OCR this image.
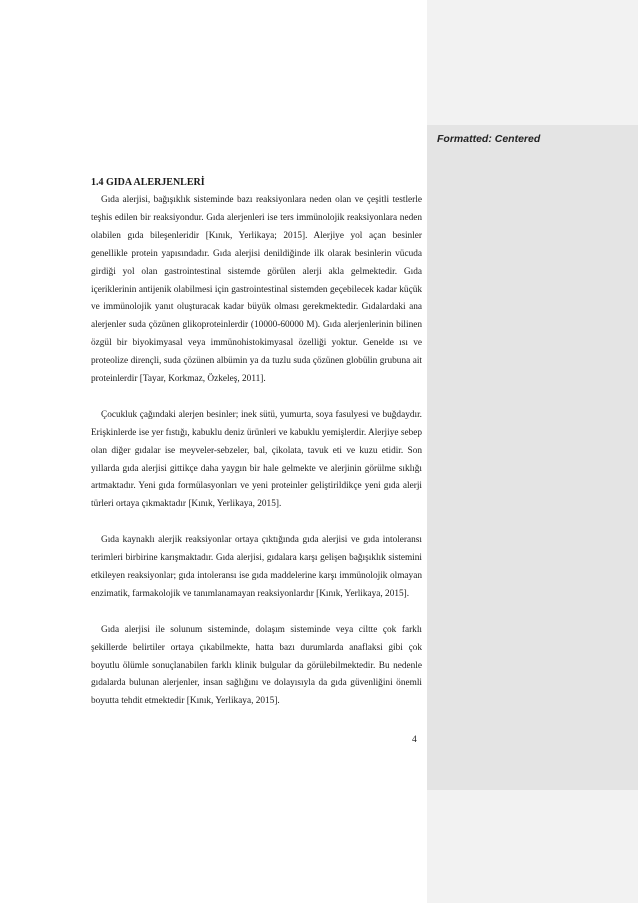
1.4 GIDA ALERJENLERİ

Gıda alerjisi, bağışıklık sisteminde bazı reaksiyonlara neden olan ve çeşitli testlerle teşhis edilen bir reaksiyondur. Gıda alerjenleri ise ters immünolojik reaksiyonlara neden olabilen gıda bileşenleridir [Kınık, Yerlikaya; 2015]. Alerjiye yol açan besinler genellikle protein yapısındadır. Gıda alerjisi denildiğinde ilk olarak besinlerin vücuda girdiği yol olan gastrointestinal sistemde görülen alerji akla gelmektedir. Gıda içeriklerinin antijenik olabilmesi için gastrointestinal sistemden geçebilecek kadar küçük ve immünolojik yanıt oluşturacak kadar büyük olması gerekmektedir. Gıdalardaki ana alerjenler suda çözünen glikoproteinlerdir (10000-60000 M). Gıda alerjenlerinin bilinen özgül bir biyokimyasal veya immünohistokimyasal özelliği yoktur. Genelde ısı ve proteolize dirençli, suda çözünen albümin ya da tuzlu suda çözünen globülin grubuna ait proteinlerdir [Tayar, Korkmaz, Özkeleş, 2011].

Çocukluk çağındaki alerjen besinler; inek sütü, yumurta, soya fasulyesi ve buğdaydır. Erişkinlerde ise yer fıstığı, kabuklu deniz ürünleri ve kabuklu yemişlerdir. Alerjiye sebep olan diğer gıdalar ise meyveler-sebzeler, bal, çikolata, tavuk eti ve kuzu etidir. Son yıllarda gıda alerjisi gittikçe daha yaygın bir hale gelmekte ve alerjinin görülme sıklığı artmaktadır. Yeni gıda formülasyonları ve yeni proteinler geliştirildikçe yeni gıda alerji türleri ortaya çıkmaktadır [Kınık, Yerlikaya, 2015].

Gıda kaynaklı alerjik reaksiyonlar ortaya çıktığında gıda alerjisi ve gıda intoleransı terimleri birbirine karışmaktadır. Gıda alerjisi, gıdalara karşı gelişen bağışıklık sistemini etkileyen reaksiyonlar; gıda intoleransı ise gıda maddelerine karşı immünolojik olmayan enzimatik, farmakolojik ve tanımlanamayan reaksiyonlardır [Kınık, Yerlikaya, 2015].

Gıda alerjisi ile solunum sisteminde, dolaşım sisteminde veya ciltte çok farklı şekillerde belirtiler ortaya çıkabilmekte, hatta bazı durumlarda anaflaksi gibi çok boyutlu ölümle sonuçlanabilen farklı klinik bulgular da görülebilmektedir. Bu nedenle gıdalarda bulunan alerjenler, insan sağlığını ve dolayısıyla da gıda güvenliğini önemli boyutta tehdit etmektedir [Kınık, Yerlikaya, 2015].

4
Formatted: Centered
